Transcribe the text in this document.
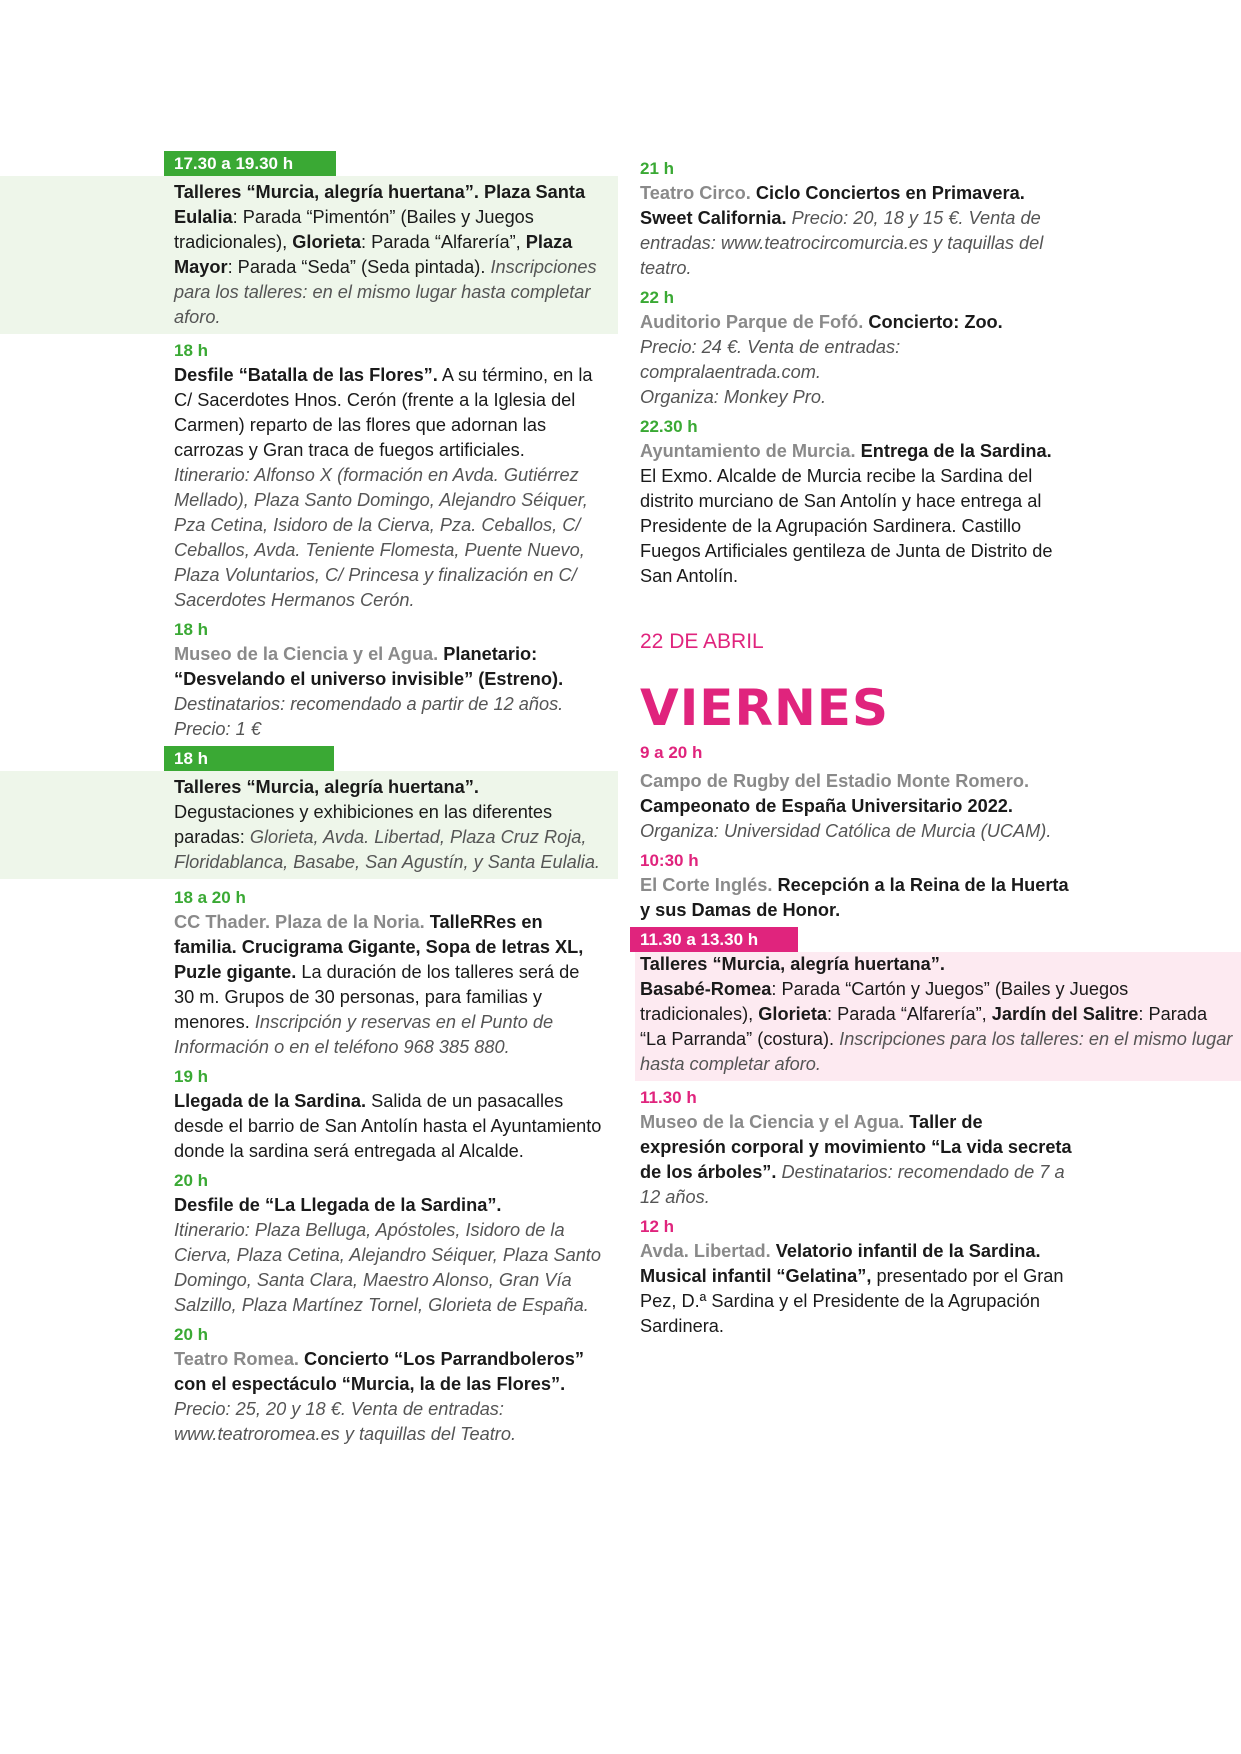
17.30 a 19.30 h
Talleres “Murcia, alegría huertana”. Plaza Santa Eulalia: Parada “Pimentón” (Bailes y Juegos tradicionales), Glorieta: Parada “Alfarería”, Plaza Mayor: Parada “Seda” (Seda pintada). Inscripciones para los talleres: en el mismo lugar hasta completar aforo.
18 h
Desfile “Batalla de las Flores”. A su término, en la C/ Sacerdotes Hnos. Cerón (frente a la Iglesia del Carmen) reparto de las flores que adornan las carrozas y Gran traca de fuegos artificiales.
Itinerario: Alfonso X (formación en Avda. Gutiérrez Mellado), Plaza Santo Domingo, Alejandro Séiquer, Pza Cetina, Isidoro de la Cierva, Pza. Ceballos, C/ Ceballos, Avda. Teniente Flomesta, Puente Nuevo, Plaza Voluntarios, C/ Princesa y finalización en C/ Sacerdotes Hermanos Cerón.
18 h
Museo de la Ciencia y el Agua. Planetario: “Desvelando el universo invisible” (Estreno).
Destinatarios: recomendado a partir de 12 años. Precio: 1 €
18 h
Talleres “Murcia, alegría huertana”.
Degustaciones y exhibiciones en las diferentes paradas: Glorieta, Avda. Libertad, Plaza Cruz Roja, Floridablanca, Basabe, San Agustín, y Santa Eulalia.
18 a 20 h
CC Thader. Plaza de la Noria. TalleRRes en familia. Crucigrama Gigante, Sopa de letras XL, Puzle gigante. La duración de los talleres será de 30 m. Grupos de 30 personas, para familias y menores. Inscripción y reservas en el Punto de Información o en el teléfono 968 385 880.
19 h
Llegada de la Sardina. Salida de un pasacalles desde el barrio de San Antolín hasta el Ayuntamiento donde la sardina será entregada al Alcalde.
20 h
Desfile de “La Llegada de la Sardina”.
Itinerario: Plaza Belluga, Apóstoles, Isidoro de la Cierva, Plaza Cetina, Alejandro Séiquer, Plaza Santo Domingo, Santa Clara, Maestro Alonso, Gran Vía Salzillo, Plaza Martínez Tornel, Glorieta de España.
20 h
Teatro Romea. Concierto “Los Parrandboleros” con el espectáculo “Murcia, la de las Flores”.
Precio: 25, 20 y 18 €. Venta de entradas: www.teatroromea.es y taquillas del Teatro.
21 h
Teatro Circo. Ciclo Conciertos en Primavera. Sweet California. Precio: 20, 18 y 15 €. Venta de entradas: www.teatrocircomurcia.es y taquillas del teatro.
22 h
Auditorio Parque de Fofó. Concierto: Zoo.
Precio: 24 €. Venta de entradas: compralaentrada.com.
Organiza: Monkey Pro.
22.30 h
Ayuntamiento de Murcia. Entrega de la Sardina. El Exmo. Alcalde de Murcia recibe la Sardina del distrito murciano de San Antolín y hace entrega al Presidente de la Agrupación Sardinera. Castillo Fuegos Artificiales gentileza de Junta de Distrito de San Antolín.
22 DE ABRIL
VIERNES
9 a 20 h
Campo de Rugby del Estadio Monte Romero.
Campeonato de España Universitario 2022.
Organiza: Universidad Católica de Murcia (UCAM).
10:30 h
El Corte Inglés. Recepción a la Reina de la Huerta y sus Damas de Honor.
11.30 a 13.30 h
Talleres “Murcia, alegría huertana”.
Basabé-Romea: Parada “Cartón y Juegos” (Bailes y Juegos tradicionales), Glorieta: Parada “Alfarería”, Jardín del Salitre: Parada “La Parranda” (costura). Inscripciones para los talleres: en el mismo lugar hasta completar aforo.
11.30 h
Museo de la Ciencia y el Agua. Taller de expresión corporal y movimiento “La vida secreta de los árboles”. Destinatarios: recomendado de 7 a 12 años.
12 h
Avda. Libertad. Velatorio infantil de la Sardina. Musical infantil “Gelatina”, presentado por el Gran Pez, D.ª Sardina y el Presidente de la Agrupación Sardinera.
